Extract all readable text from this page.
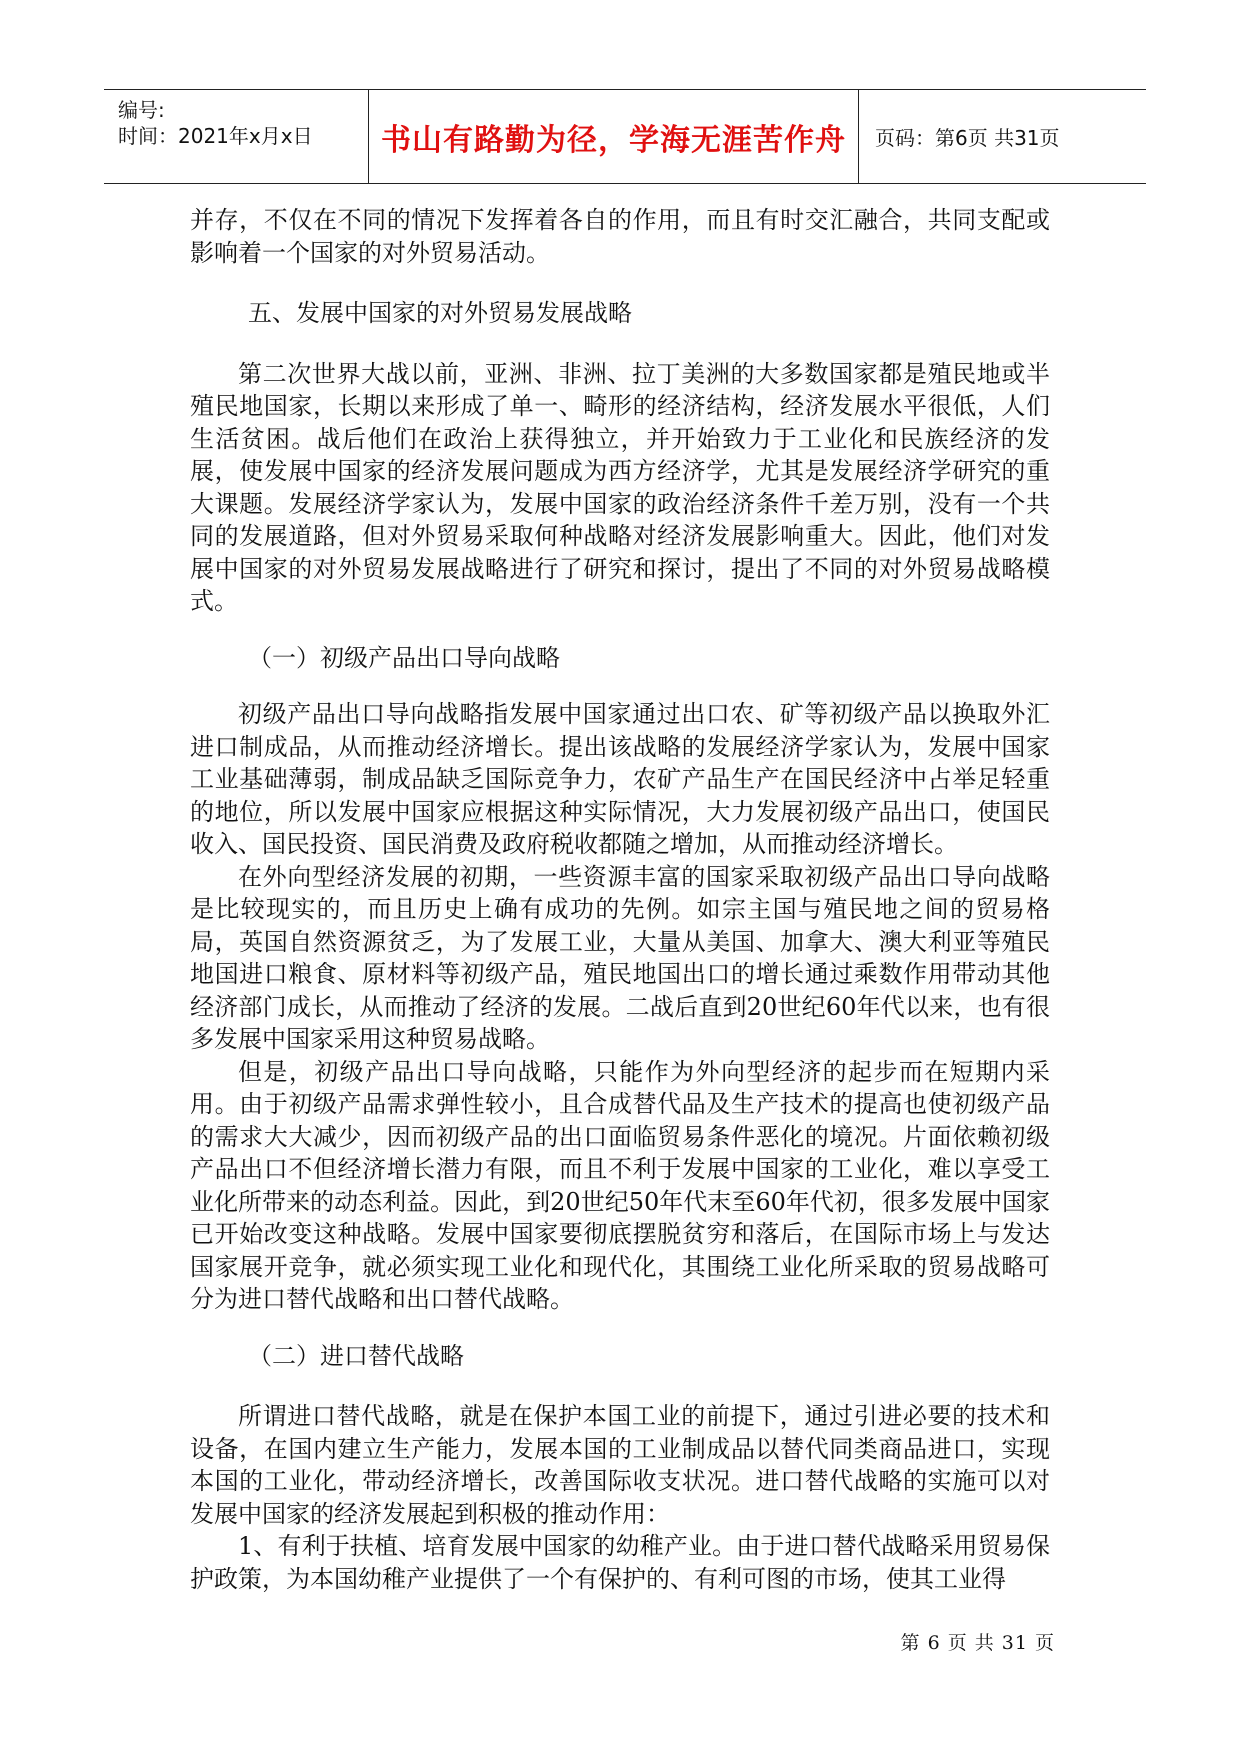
编号:
时间：2021年x月x日 书山有路勤为径，学海无涯苦作舟 页码：第6页 共31页

并存，不仅在不同的情况下发挥着各自的作用，而且有时交汇融合，共同支配或影响着一个国家的对外贸易活动。

五、发展中国家的对外贸易发展战略

第二次世界大战以前，亚洲、非洲、拉丁美洲的大多数国家都是殖民地或半殖民地国家，长期以来形成了单一、畸形的经济结构，经济发展水平很低，人们生活贫困。战后他们在政治上获得独立，并开始致力于工业化和民族经济的发展，使发展中国家的经济发展问题成为西方经济学，尤其是发展经济学研究的重大课题。发展经济学家认为，发展中国家的政治经济条件千差万别，没有一个共同的发展道路，但对外贸易采取何种战略对经济发展影响重大。因此，他们对发展中国家的对外贸易发展战略进行了研究和探讨，提出了不同的对外贸易战略模式。

（一）初级产品出口导向战略

初级产品出口导向战略指发展中国家通过出口农、矿等初级产品以换取外汇进口制成品，从而推动经济增长。提出该战略的发展经济学家认为，发展中国家工业基础薄弱，制成品缺乏国际竞争力，农矿产品生产在国民经济中占举足轻重的地位，所以发展中国家应根据这种实际情况，大力发展初级产品出口，使国民收入、国民投资、国民消费及政府税收都随之增加，从而推动经济增长。

在外向型经济发展的初期，一些资源丰富的国家采取初级产品出口导向战略是比较现实的，而且历史上确有成功的先例。如宗主国与殖民地之间的贸易格局，英国自然资源贫乏，为了发展工业，大量从美国、加拿大、澳大利亚等殖民地国进口粮食、原材料等初级产品，殖民地国出口的增长通过乘数作用带动其他经济部门成长，从而推动了经济的发展。二战后直到20世纪60年代以来，也有很多发展中国家采用这种贸易战略。

但是，初级产品出口导向战略，只能作为外向型经济的起步而在短期内采用。由于初级产品需求弹性较小，且合成替代品及生产技术的提高也使初级产品的需求大大减少，因而初级产品的出口面临贸易条件恶化的境况。片面依赖初级产品出口不但经济增长潜力有限，而且不利于发展中国家的工业化，难以享受工业化所带来的动态利益。因此，到20世纪50年代末至60年代初，很多发展中国家已开始改变这种战略。发展中国家要彻底摆脱贫穷和落后，在国际市场上与发达国家展开竞争，就必须实现工业化和现代化，其围绕工业化所采取的贸易战略可分为进口替代战略和出口替代战略。

（二）进口替代战略

所谓进口替代战略，就是在保护本国工业的前提下，通过引进必要的技术和设备，在国内建立生产能力，发展本国的工业制成品以替代同类商品进口，实现本国的工业化，带动经济增长，改善国际收支状况。进口替代战略的实施可以对发展中国家的经济发展起到积极的推动作用：

1、有利于扶植、培育发展中国家的幼稚产业。由于进口替代战略采用贸易保护政策，为本国幼稚产业提供了一个有保护的、有利可图的市场，使其工业得

第 6 页 共 31 页
